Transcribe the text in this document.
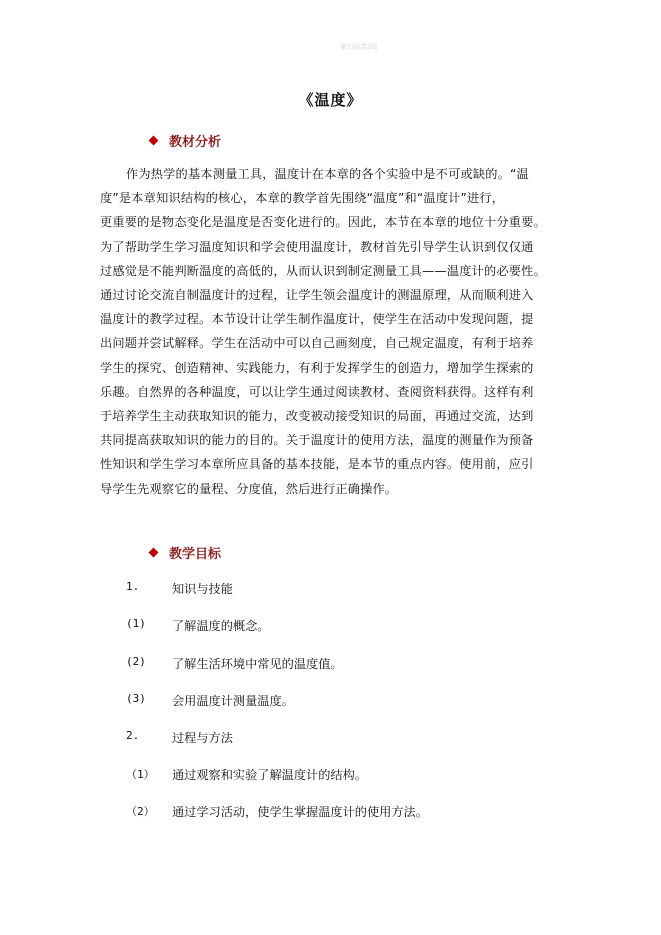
第1页/共3页
《温度》
教材分析
作为热学的基本测量工具，温度计在本章的各个实验中是不可或缺的。“温
度”是本章知识结构的核心，本章的教学首先围绕“温度”和“温度计”进行，
更重要的是物态变化是温度是否变化进行的。因此，本节在本章的地位十分重要。
为了帮助学生学习温度知识和学会使用温度计，教材首先引导学生认识到仅仅通
过感觉是不能判断温度的高低的，从而认识到制定测量工具——温度计的必要性。
通过讨论交流自制温度计的过程，让学生领会温度计的测温原理，从而顺利进入
温度计的教学过程。本节设计让学生制作温度计，使学生在活动中发现问题，提
出问题并尝试解释。学生在活动中可以自己画刻度，自己规定温度，有利于培养
学生的探究、创造精神、实践能力，有利于发挥学生的创造力，增加学生探索的
乐趣。自然界的各种温度，可以让学生通过阅读教材、查阅资料获得。这样有利
于培养学生主动获取知识的能力，改变被动接受知识的局面，再通过交流，达到
共同提高获取知识的能力的目的。关于温度计的使用方法，温度的测量作为预备
性知识和学生学习本章所应具备的基本技能，是本节的重点内容。使用前，应引
导学生先观察它的量程、分度值，然后进行正确操作。
教学目标
1.	知识与技能
(1)	了解温度的概念。
(2)	了解生活环境中常见的温度值。
(3)	会用温度计测量温度。
2.	过程与方法
（1）	通过观察和实验了解温度计的结构。
（2）	通过学习活动，使学生掌握温度计的使用方法。
